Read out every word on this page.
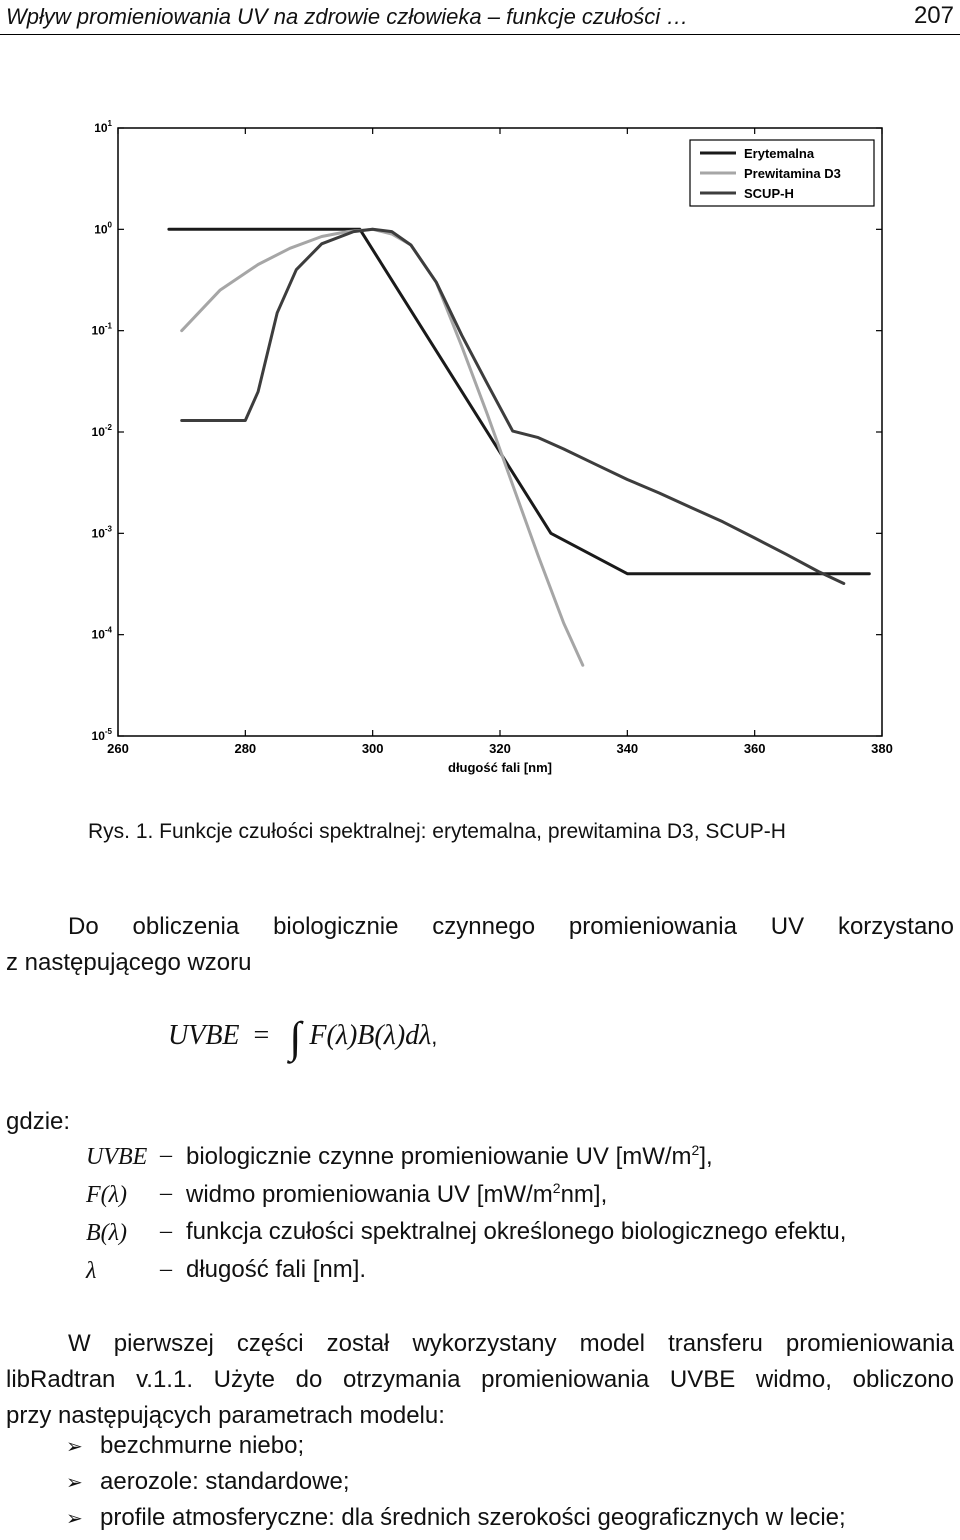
Wpływ promieniowania UV na zdrowie człowieka – funkcje czułości …	207
260	280	300	320	340	360	380
$10^{-5}$
$10^{-4}$
$10^{-3}$
$10^{-2}$
$10^{-1}$
$10^0$
$10^1$
długość fali [nm]
Erytemalna
Prewitamina D3
SCUP-H
Rys. 1. Funkcje czułości spektralnej: erytemalna, prewitamina D3, SCUP-H
Do obliczenia biologicznie czynnego promieniowania UV korzystano
z następującego wzoru
UVBE = ∫ F(λ)B(λ)dλ,
gdzie:
UVBE – biologicznie czynne promieniowanie UV $[mW/m^2]$,
F(λ)	– widmo promieniowania UV $[mW/m^2nm]$,
B(λ)	– funkcja czułości spektralnej określonego biologicznego efektu,
λ	– długość fali [nm].
W pierwszej części został wykorzystany model transferu promieniowania
libRadtran v.1.1. Użyte do otrzymania promieniowania UVBE widmo, obliczono
przy następujących parametrach modelu:
➢ bezchmurne niebo;
➢ aerozole: standardowe;
➢ profile atmosferyczne: dla średnich szerokości geograficznych w lecie;
